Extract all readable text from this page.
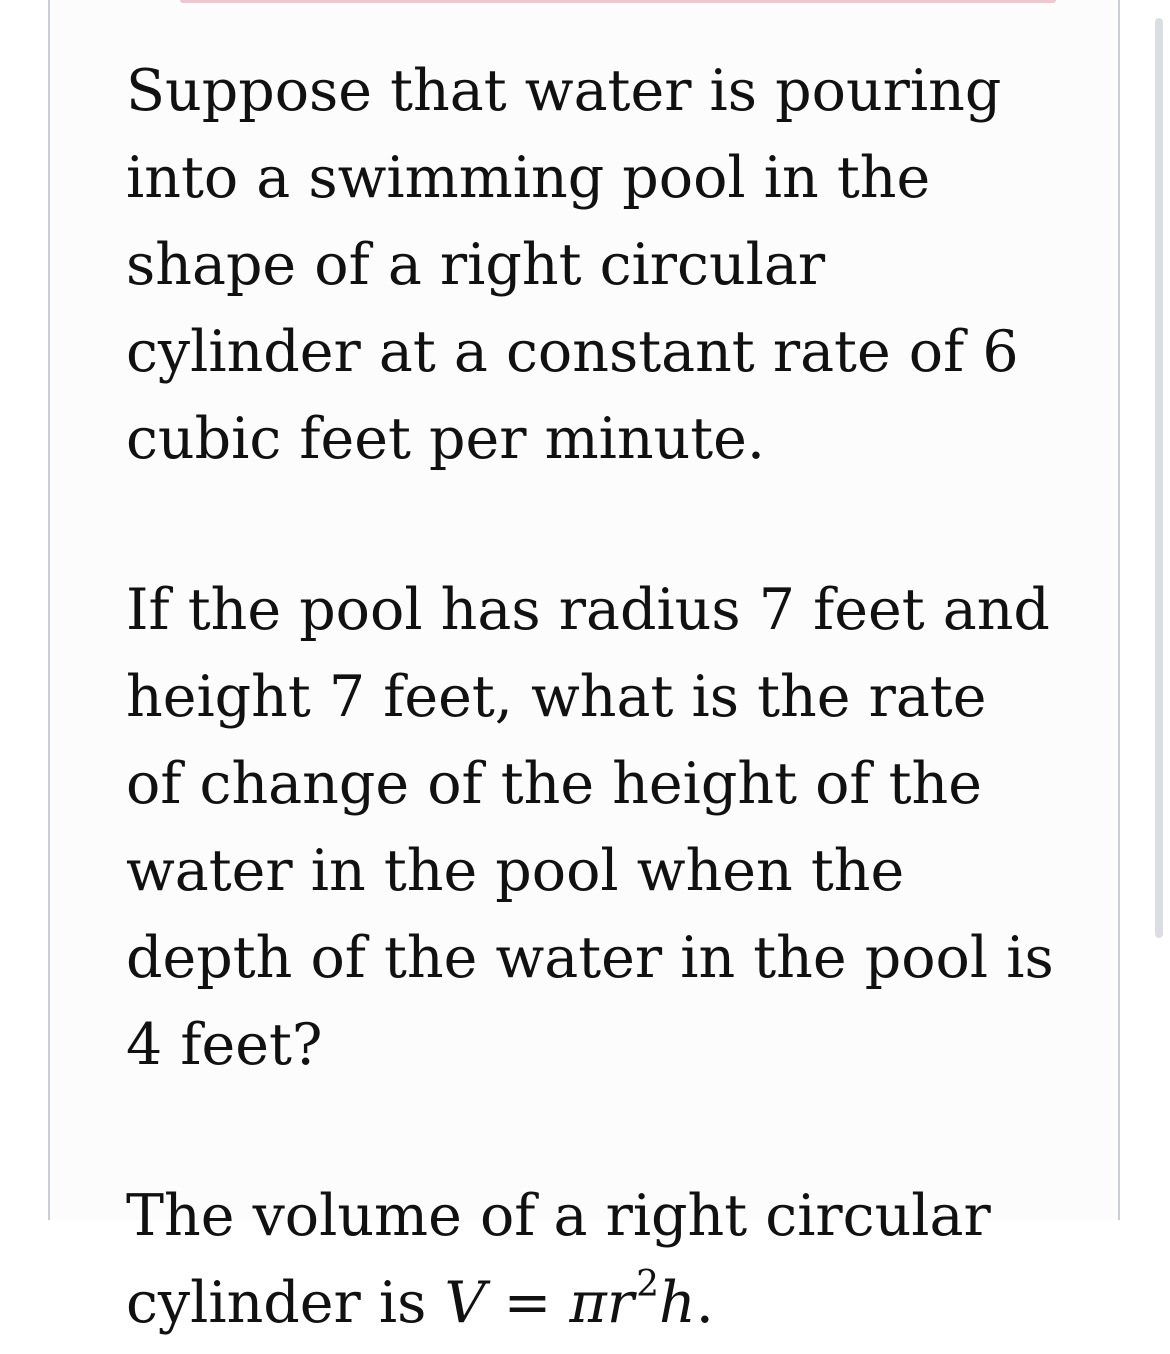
Suppose that water is pouring into a swimming pool in the shape of a right circular cylinder at a constant rate of 6 cubic feet per minute.

If the pool has radius 7 feet and height 7 feet, what is the rate of change of the height of the water in the pool when the depth of the water in the pool is 4 feet?

The volume of a right circular cylinder is $V = \pi r^2h$.
